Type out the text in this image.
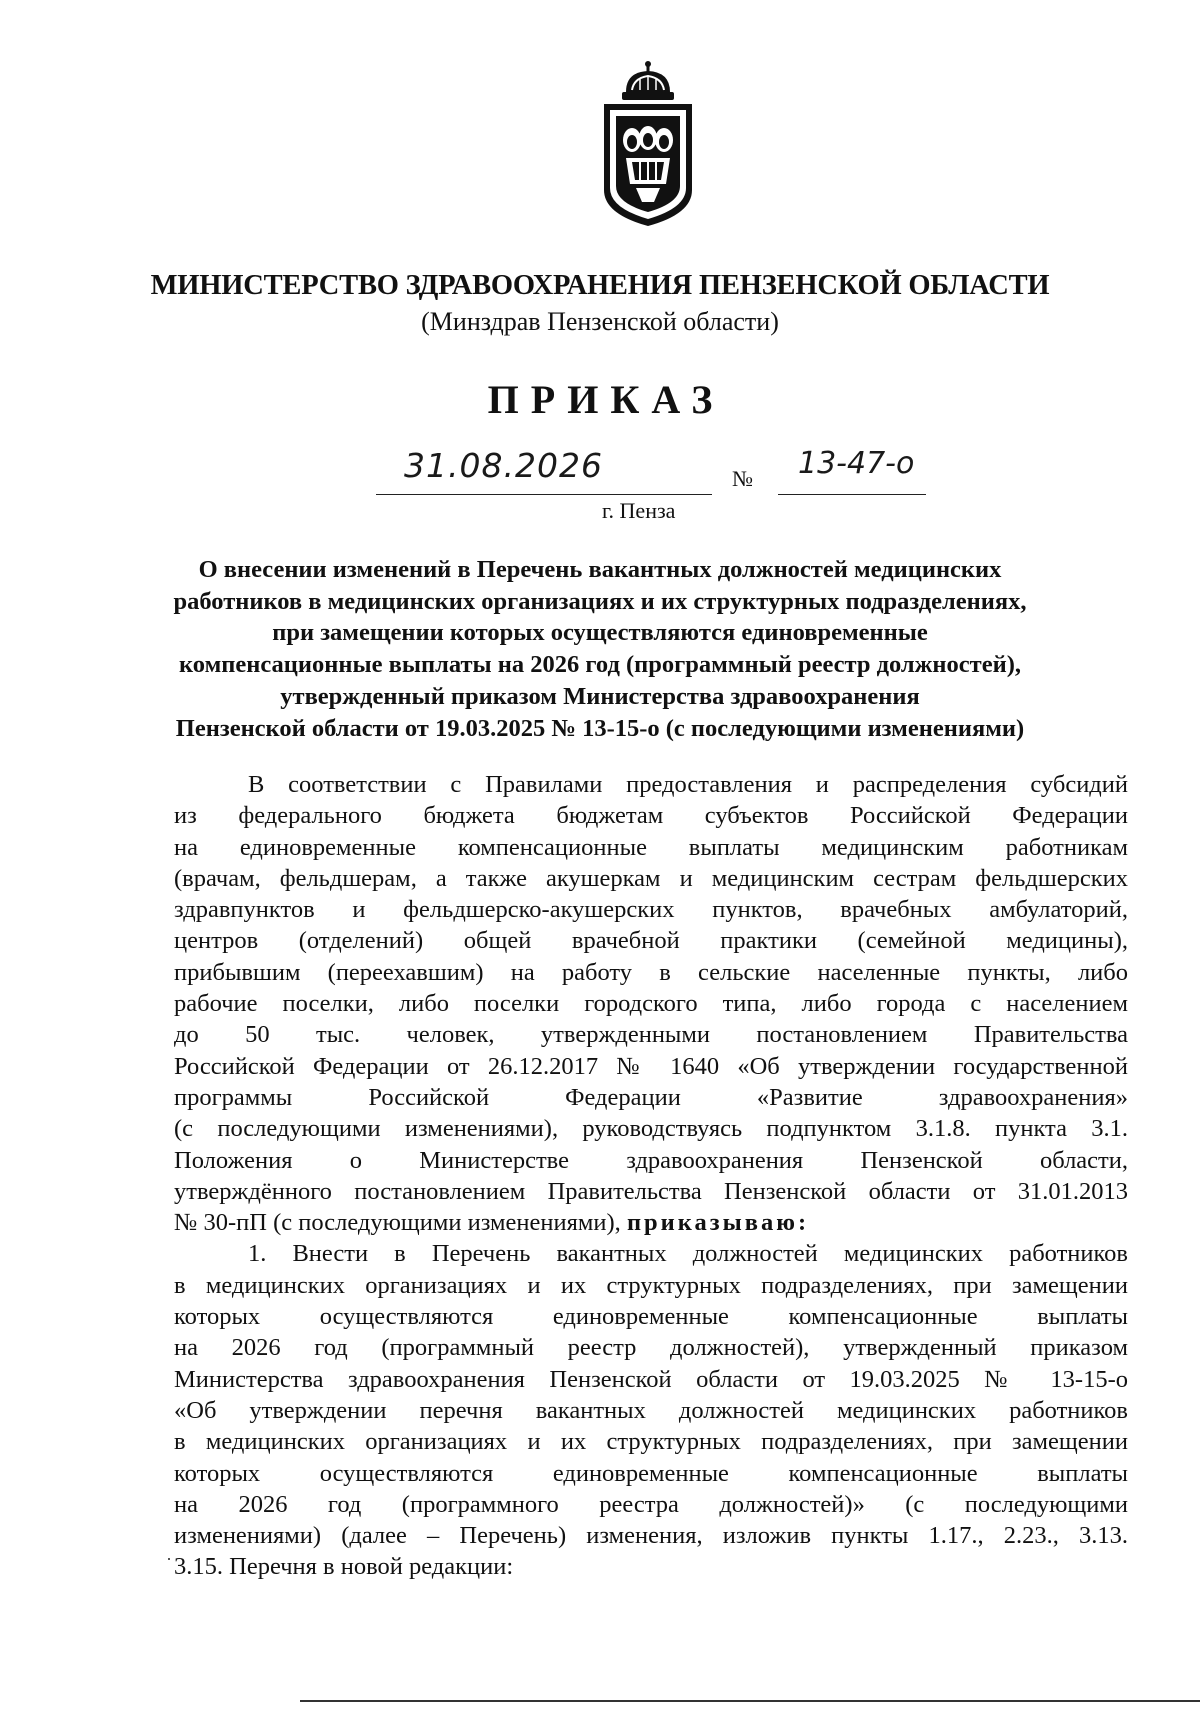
МИНИСТЕРСТВО ЗДРАВООХРАНЕНИЯ ПЕНЗЕНСКОЙ ОБЛАСТИ
(Минздрав Пензенской области)
ПРИКАЗ
31.08.2026	№ 13-47-о
г. Пенза
О внесении изменений в Перечень вакантных должностей медицинских
работников в медицинских организациях и их структурных подразделениях,
при замещении которых осуществляются единовременные
компенсационные выплаты на 2026 год (программный реестр должностей),
утвержденный приказом Министерства здравоохранения
Пензенской области от 19.03.2025 № 13-15-о (с последующими изменениями)
В соответствии с Правилами предоставления и распределения субсидий
из федерального бюджета бюджетам субъектов Российской Федерации
на единовременные компенсационные выплаты медицинским работникам
(врачам, фельдшерам, а также акушеркам и медицинским сестрам фельдшерских
здравпунктов и фельдшерско-акушерских пунктов, врачебных амбулаторий,
центров (отделений) общей врачебной практики (семейной медицины),
прибывшим (переехавшим) на работу в сельские населенные пункты, либо
рабочие поселки, либо поселки городского типа, либо города с населением
до 50 тыс. человек, утвержденными постановлением Правительства
Российской Федерации от 26.12.2017 № 1640 «Об утверждении государственной
программы Российской Федерации «Развитие здравоохранения»
(с последующими изменениями), руководствуясь подпунктом 3.1.8. пункта 3.1.
Положения о Министерстве здравоохранения Пензенской области,
утверждённого постановлением Правительства Пензенской области от 31.01.2013
№ 30-пП (с последующими изменениями), приказываю:
1. Внести в Перечень вакантных должностей медицинских работников
в медицинских организациях и их структурных подразделениях, при замещении
которых осуществляются единовременные компенсационные выплаты
на 2026 год (программный реестр должностей), утвержденный приказом
Министерства здравоохранения Пензенской области от 19.03.2025 № 13-15-о
«Об утверждении перечня вакантных должностей медицинских работников
в медицинских организациях и их структурных подразделениях, при замещении
которых осуществляются единовременные компенсационные выплаты
на 2026 год (программного реестра должностей)» (с последующими
изменениями) (далее – Перечень) изменения, изложив пункты 1.17., 2.23., 3.13.
3.15. Перечня в новой редакции:
